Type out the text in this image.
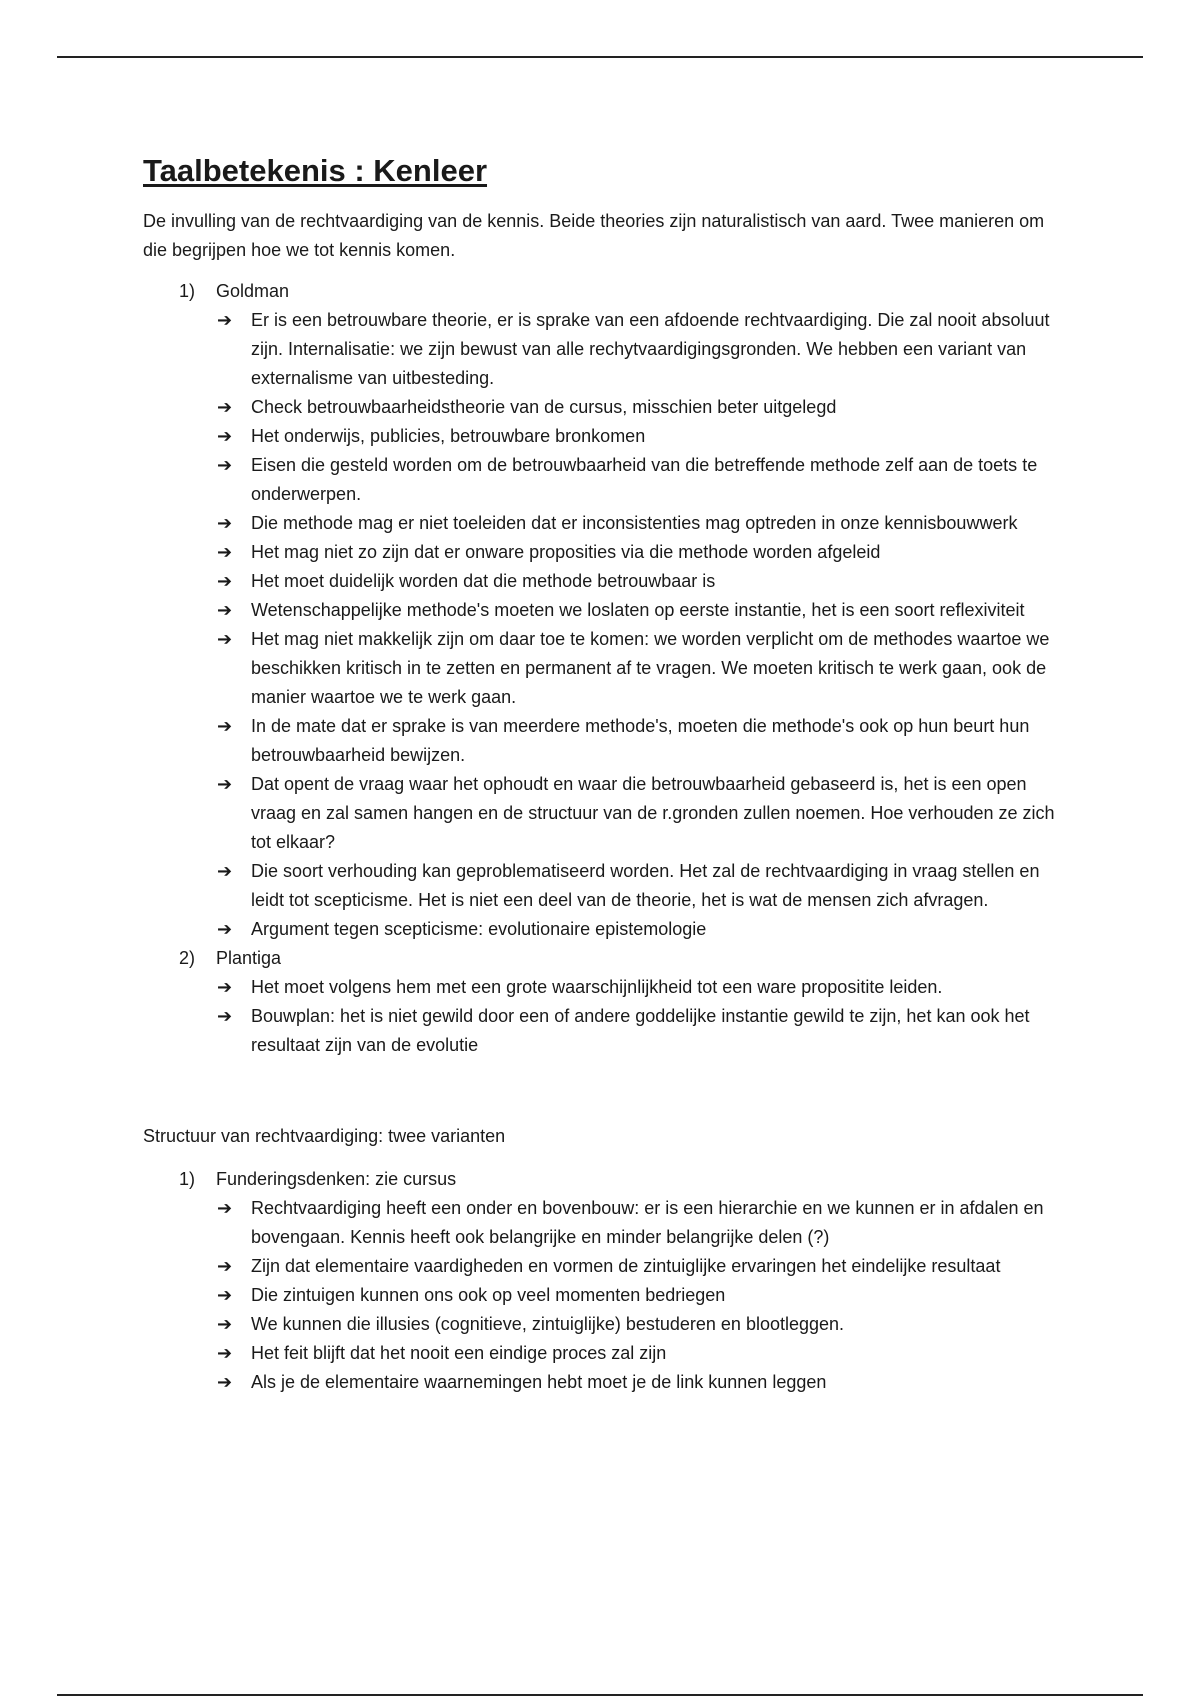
Taalbetekenis : Kenleer

De invulling van de rechtvaardiging van de kennis. Beide theories zijn naturalistisch van aard. Twee manieren om die begrijpen hoe we tot kennis komen.

1) Goldman
➔ Er is een betrouwbare theorie, er is sprake van een afdoende rechtvaardiging. Die zal nooit absoluut zijn. Internalisatie: we zijn bewust van alle rechytvaardigingsgronden. We hebben een variant van externalisme van uitbesteding.
➔ Check betrouwbaarheidstheorie van de cursus, misschien beter uitgelegd
➔ Het onderwijs, publicies, betrouwbare bronkomen
➔ Eisen die gesteld worden om de betrouwbaarheid van die betreffende methode zelf aan de toets te onderwerpen.
➔ Die methode mag er niet toeleiden dat er inconsistenties mag optreden in onze kennisbouwwerk
➔ Het mag niet zo zijn dat er onware proposities via die methode worden afgeleid
➔ Het moet duidelijk worden dat die methode betrouwbaar is
➔ Wetenschappelijke methode's moeten we loslaten op eerste instantie, het is een soort reflexiviteit
➔ Het mag niet makkelijk zijn om daar toe te komen: we worden verplicht om de methodes waartoe we beschikken kritisch in te zetten en permanent af te vragen. We moeten kritisch te werk gaan, ook de manier waartoe we te werk gaan.
➔ In de mate dat er sprake is van meerdere methode's, moeten die methode's ook op hun beurt hun betrouwbaarheid bewijzen.
➔ Dat opent de vraag waar het ophoudt en waar die betrouwbaarheid gebaseerd is, het is een open vraag en zal samen hangen en de structuur van de r.gronden zullen noemen. Hoe verhouden ze zich tot elkaar?
➔ Die soort verhouding kan geproblematiseerd worden. Het zal de rechtvaardiging in vraag stellen en leidt tot scepticisme. Het is niet een deel van de theorie, het is wat de mensen zich afvragen.
➔ Argument tegen scepticisme: evolutionaire epistemologie
2) Plantiga
➔ Het moet volgens hem met een grote waarschijnlijkheid tot een ware propositite leiden.
➔ Bouwplan: het is niet gewild door een of andere goddelijke instantie gewild te zijn, het kan ook het resultaat zijn van de evolutie

Structuur van rechtvaardiging: twee varianten

1) Funderingsdenken: zie cursus
➔ Rechtvaardiging heeft een onder en bovenbouw: er is een hierarchie en we kunnen er in afdalen en bovengaan. Kennis heeft ook belangrijke en minder belangrijke delen (?)
➔ Zijn dat elementaire vaardigheden en vormen de zintuiglijke ervaringen het eindelijke resultaat
➔ Die zintuigen kunnen ons ook op veel momenten bedriegen
➔ We kunnen die illusies (cognitieve, zintuiglijke) bestuderen en blootleggen.
➔ Het feit blijft dat het nooit een eindige proces zal zijn
➔ Als je de elementaire waarnemingen hebt moet je de link kunnen leggen
